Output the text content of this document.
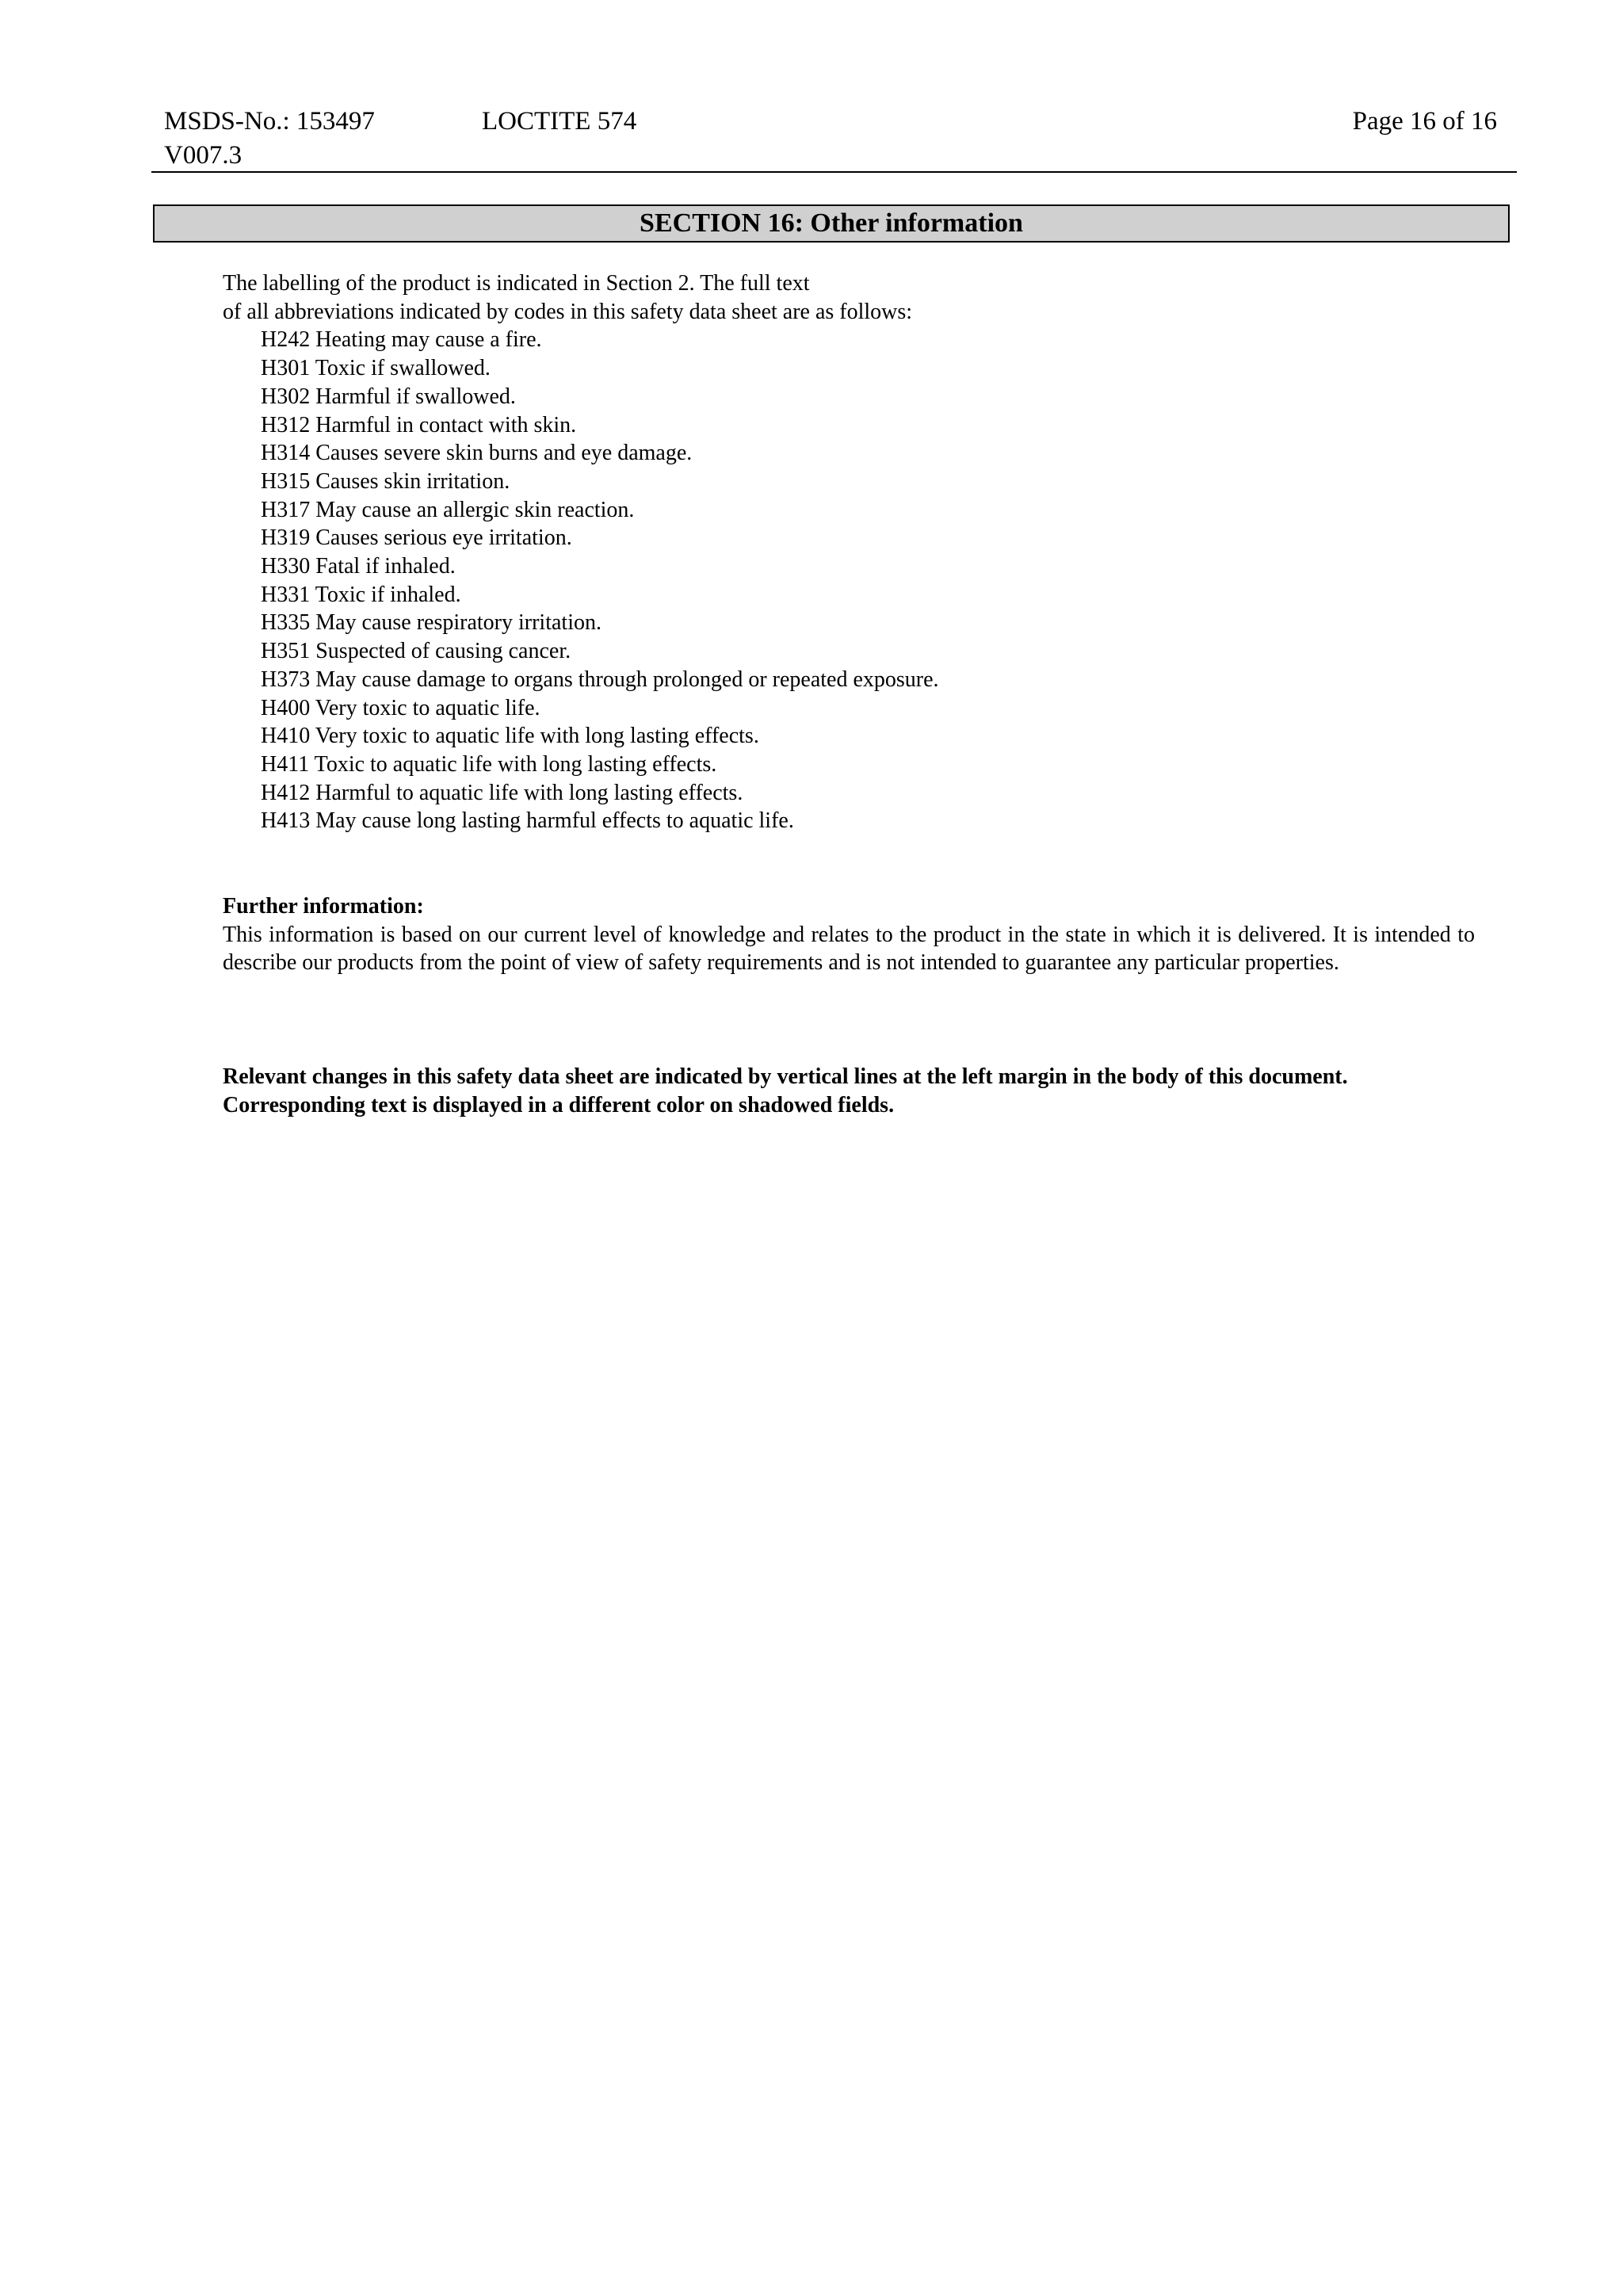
MSDS-No.: 153497	LOCTITE 574	Page 16 of 16
V007.3
SECTION 16: Other information
The labelling of the product is indicated in Section 2. The full text
of all abbreviations indicated by codes in this safety data sheet are as follows:
H242 Heating may cause a fire.
H301 Toxic if swallowed.
H302 Harmful if swallowed.
H312 Harmful in contact with skin.
H314 Causes severe skin burns and eye damage.
H315 Causes skin irritation.
H317 May cause an allergic skin reaction.
H319 Causes serious eye irritation.
H330 Fatal if inhaled.
H331 Toxic if inhaled.
H335 May cause respiratory irritation.
H351 Suspected of causing cancer.
H373 May cause damage to organs through prolonged or repeated exposure.
H400 Very toxic to aquatic life.
H410 Very toxic to aquatic life with long lasting effects.
H411 Toxic to aquatic life with long lasting effects.
H412 Harmful to aquatic life with long lasting effects.
H413 May cause long lasting harmful effects to aquatic life.
Further information:
This information is based on our current level of knowledge and relates to the product in the state in which it is delivered. It is intended to describe our products from the point of view of safety requirements and is not intended to guarantee any particular properties.
Relevant changes in this safety data sheet are indicated by vertical lines at the left margin in the body of this document.
Corresponding text is displayed in a different color on shadowed fields.
